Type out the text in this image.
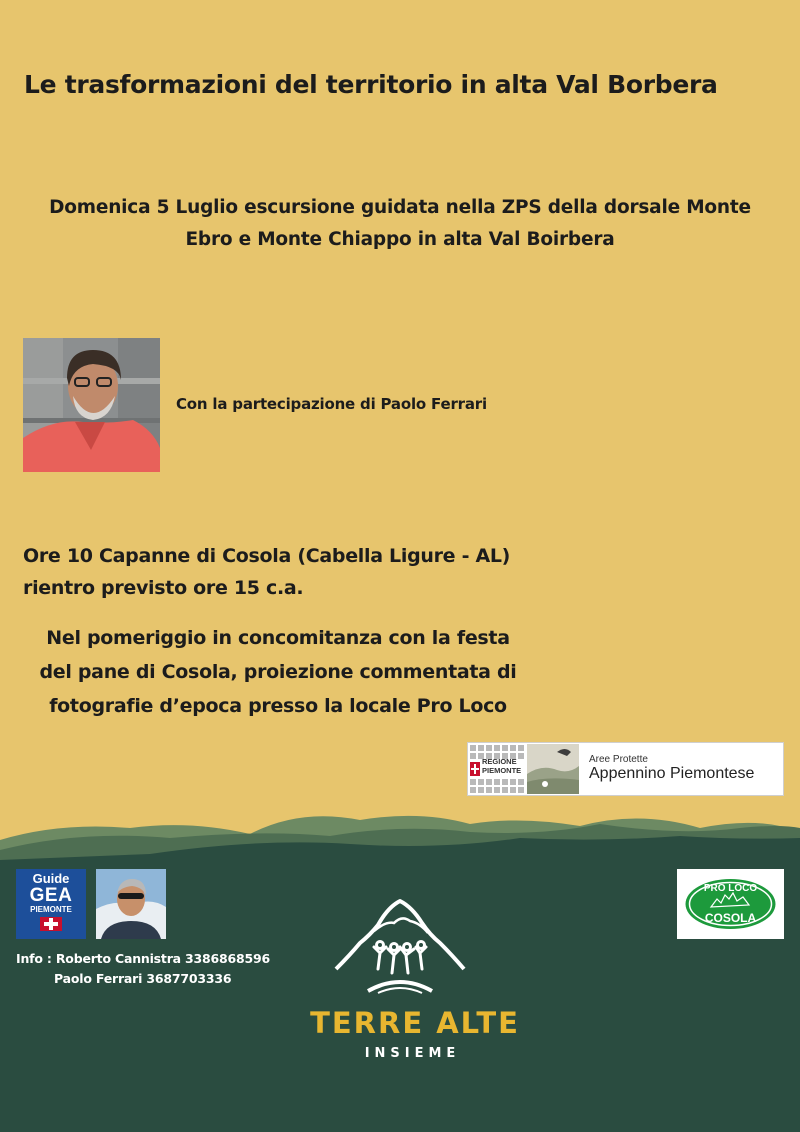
Le trasformazioni del territorio in alta Val Borbera
Domenica 5 Luglio escursione guidata nella ZPS della dorsale Monte
Ebro e Monte Chiappo in alta Val Boirbera
Con la partecipazione di Paolo Ferrari
Ore 10 Capanne di Cosola (Cabella Ligure - AL)
rientro previsto ore 15 c.a.
Nel pomeriggio in concomitanza con la festa
del pane di Cosola, proiezione commentata di
fotografie d’epoca presso la locale Pro Loco
REGIONE
PIEMONTE
Aree Protette
Appennino Piemontese
Guide
GEA
PIEMONTE
Info : Roberto Cannistra 3386868596
Paolo Ferrari 3687703336
PRO LOCO
COSOLA
TERRE ALTE
INSIEME
